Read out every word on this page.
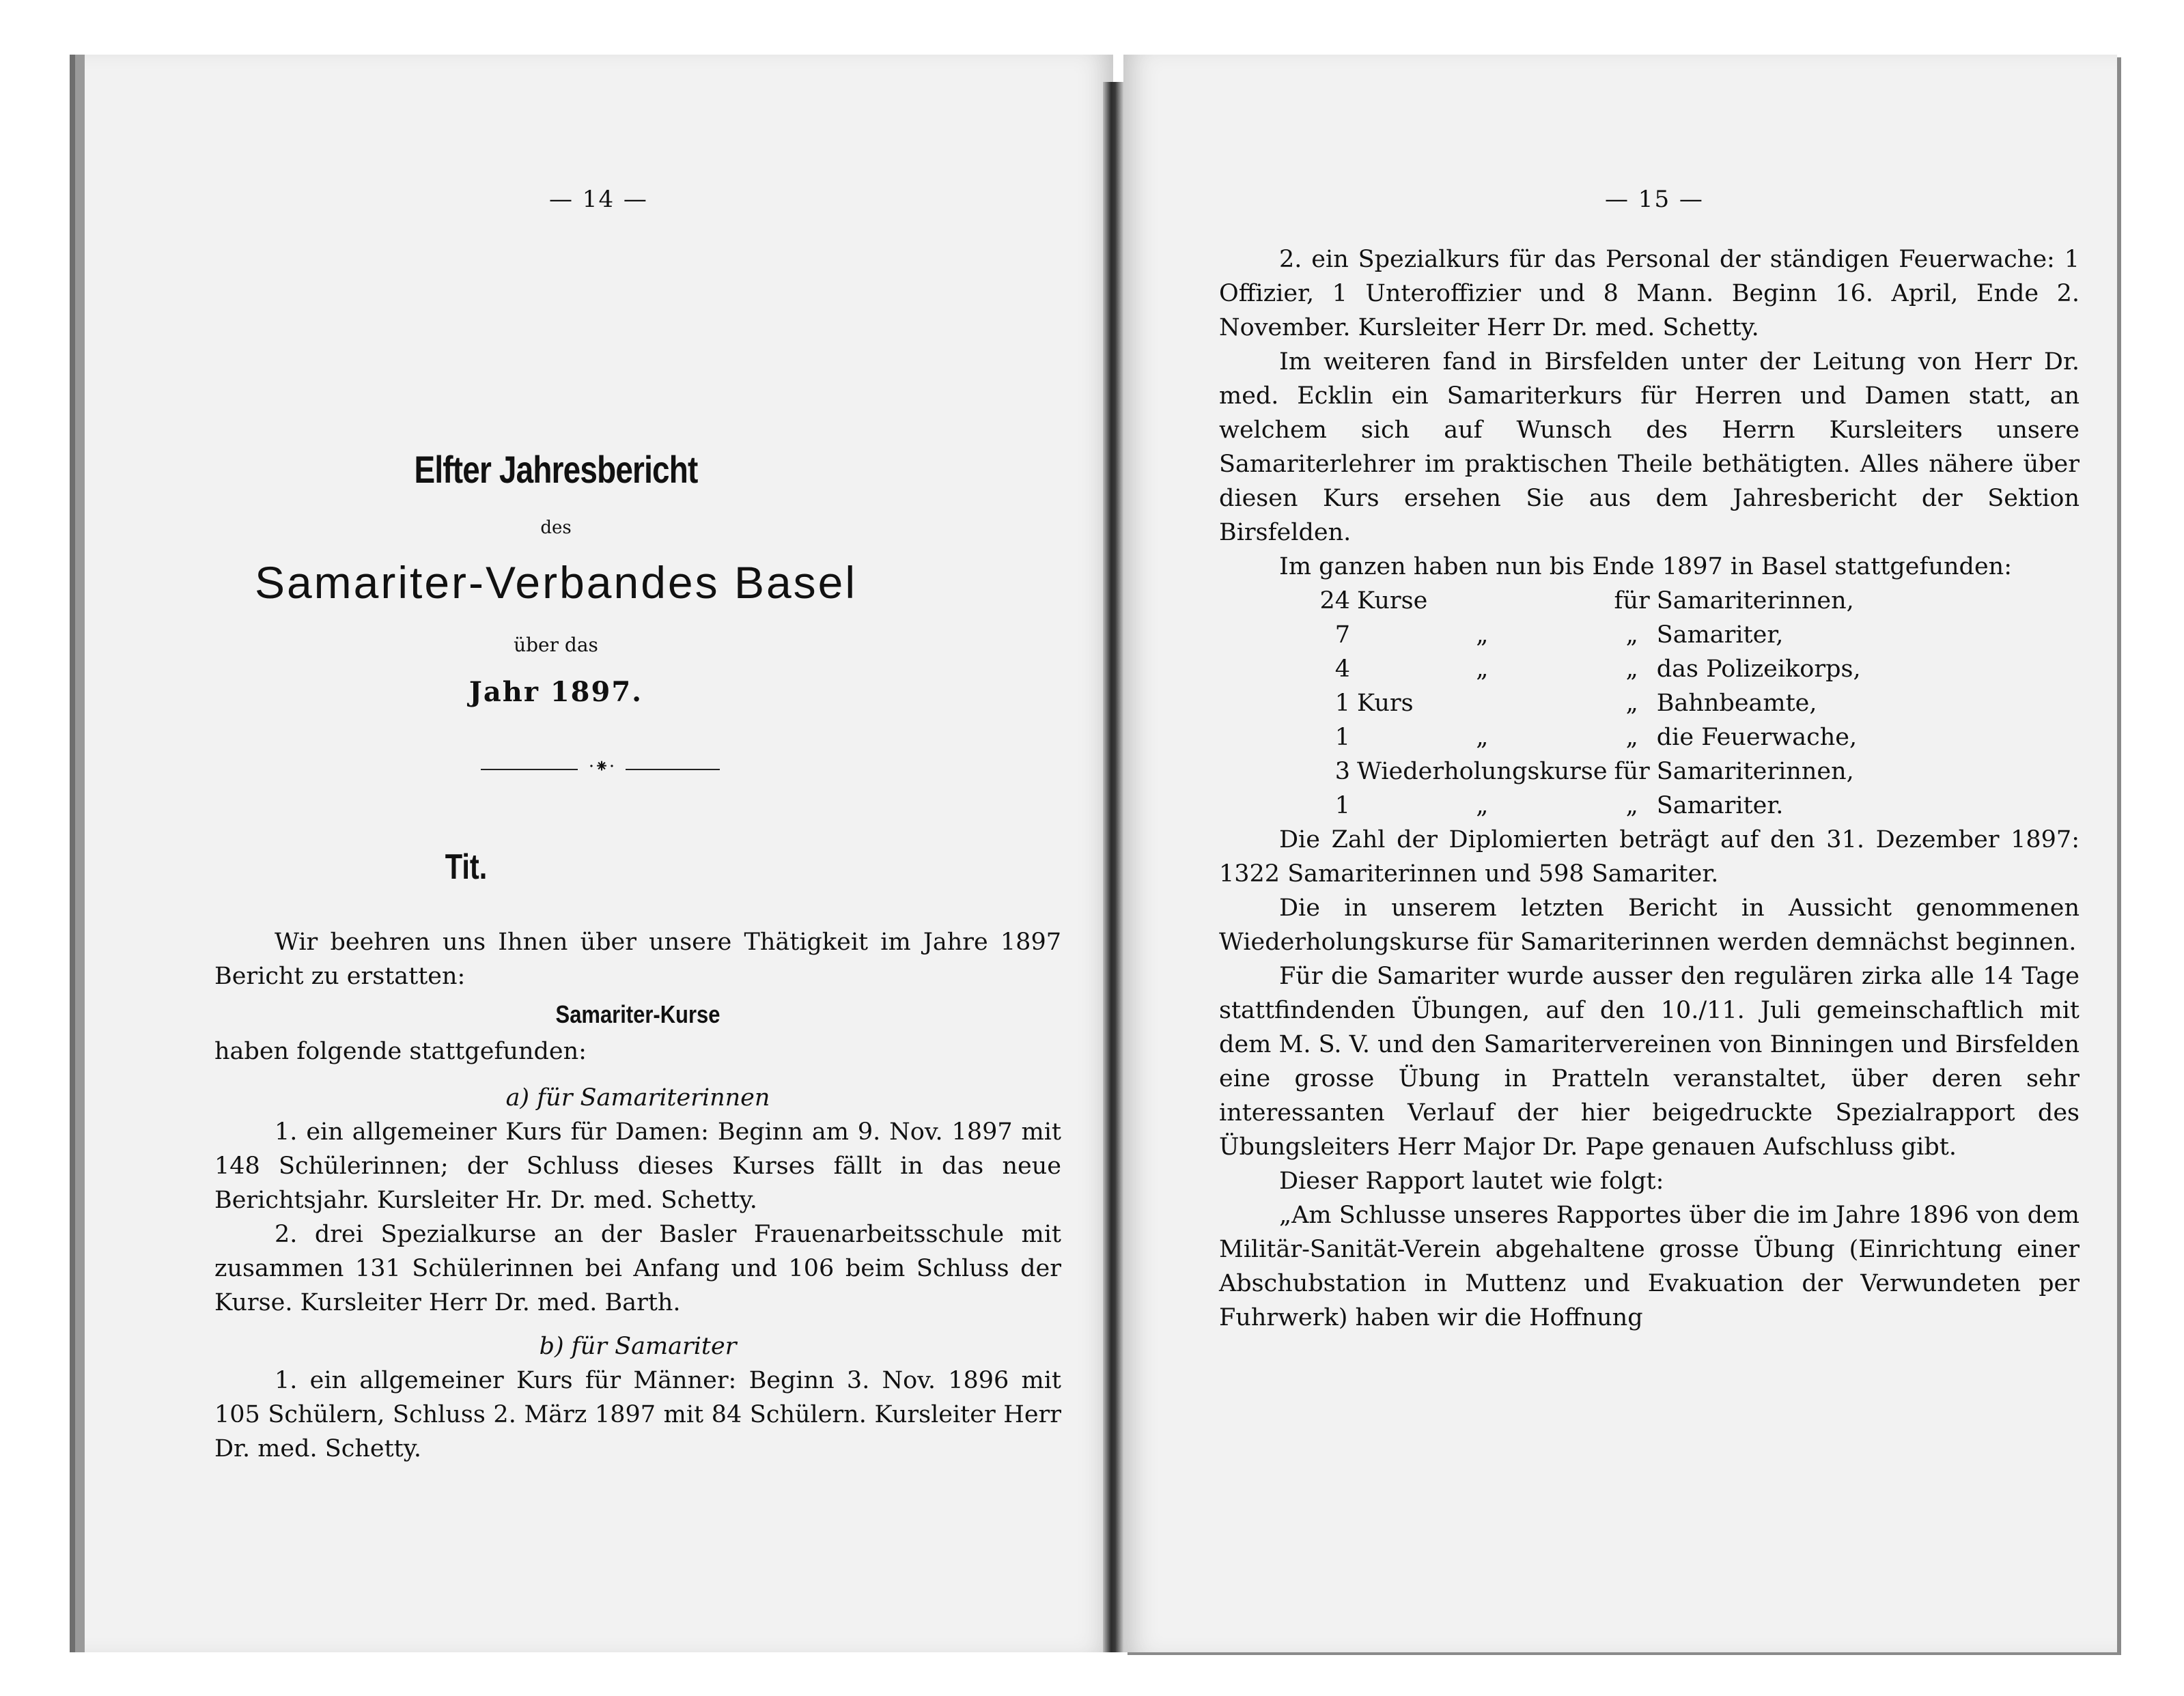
— 14 —
Elfter Jahresbericht
des
Samariter-Verbandes Basel
über das
Jahr 1897.
·⁕·
Tit.

Wir beehren uns Ihnen über unsere Thätigkeit im Jahre 1897 Bericht zu erstatten:

Samariter-Kurse

haben folgende stattgefunden:

a) für Samariterinnen

1. ein allgemeiner Kurs für Damen: Beginn am 9. Nov. 1897 mit 148 Schülerinnen; der Schluss dieses Kurses fällt in das neue Berichtsjahr. Kursleiter Hr. Dr. med. Schetty.

2. drei Spezialkurse an der Basler Frauenarbeitsschule mit zusammen 131 Schülerinnen bei Anfang und 106 beim Schluss der Kurse. Kursleiter Herr Dr. med. Barth.

b) für Samariter

1. ein allgemeiner Kurs für Männer: Beginn 3. Nov. 1896 mit 105 Schülern, Schluss 2. März 1897 mit 84 Schülern. Kursleiter Herr Dr. med. Schetty.

— 15 —

2. ein Spezialkurs für das Personal der ständigen Feuerwache: 1 Offizier, 1 Unteroffizier und 8 Mann. Beginn 16. April, Ende 2. November. Kursleiter Herr Dr. med. Schetty.

Im weiteren fand in Birsfelden unter der Leitung von Herr Dr. med. Ecklin ein Samariterkurs für Herren und Damen statt, an welchem sich auf Wunsch des Herrn Kursleiters unsere Samariterlehrer im praktischen Theile bethätigten. Alles nähere über diesen Kurs ersehen Sie aus dem Jahresbericht der Sektion Birsfelden.

Im ganzen haben nun bis Ende 1897 in Basel stattgefunden:

24	Kurse	für	Samariterinnen,
7	„	„	Samariter,
4	„	„	das Polizeikorps,
1	Kurs	„	Bahnbeamte,
1	„	„	die Feuerwache,
3	Wiederholungskurse	für	Samariterinnen,
1	„	„	Samariter.

Die Zahl der Diplomierten beträgt auf den 31. Dezember 1897: 1322 Samariterinnen und 598 Samariter.

Die in unserem letzten Bericht in Aussicht genommenen Wiederholungskurse für Samariterinnen werden demnächst beginnen.

Für die Samariter wurde ausser den regulären zirka alle 14 Tage stattfindenden Übungen, auf den 10./11. Juli gemeinschaftlich mit dem M. S. V. und den Samaritervereinen von Binningen und Birsfelden eine grosse Übung in Pratteln veranstaltet, über deren sehr interessanten Verlauf der hier beigedruckte Spezialrapport des Übungsleiters Herr Major Dr. Pape genauen Aufschluss gibt.

Dieser Rapport lautet wie folgt:

„Am Schlusse unseres Rapportes über die im Jahre 1896 von dem Militär-Sanität-Verein abgehaltene grosse Übung (Einrichtung einer Abschubstation in Muttenz und Evakuation der Verwundeten per Fuhrwerk) haben wir die Hoffnung
